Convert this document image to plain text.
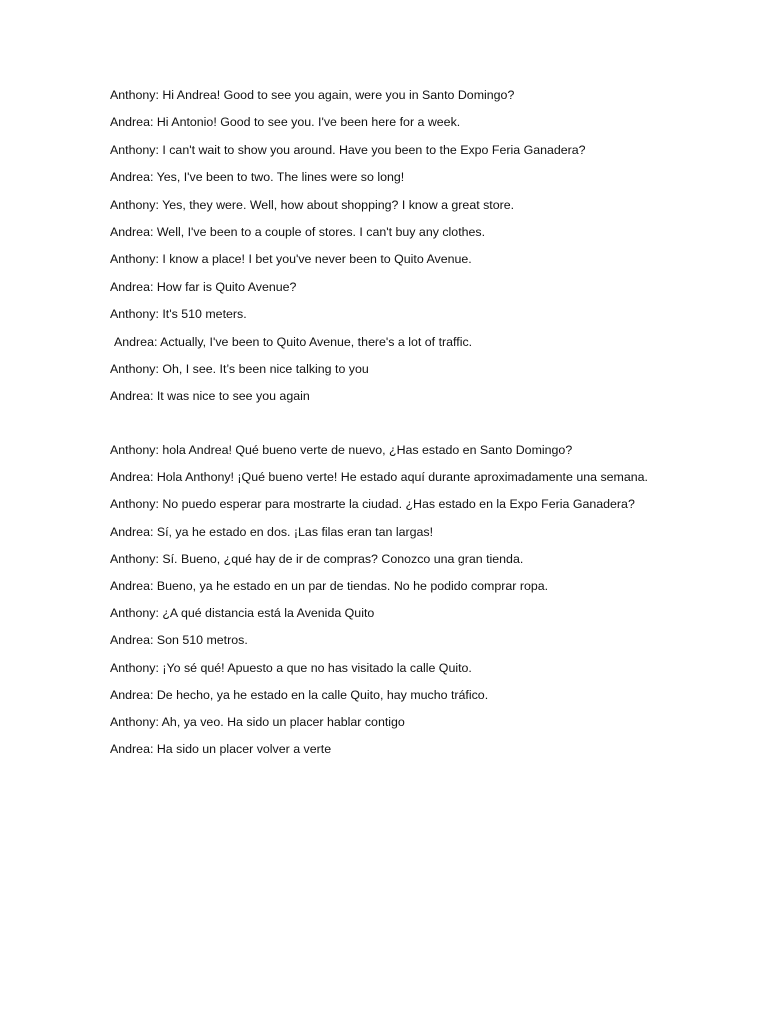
Anthony: Hi Andrea! Good to see you again, were you in Santo Domingo?

Andrea: Hi Antonio! Good to see you. I've been here for a week.

Anthony: I can't wait to show you around. Have you been to the Expo Feria Ganadera?

Andrea: Yes, I've been to two. The lines were so long!

Anthony: Yes, they were. Well, how about shopping? I know a great store.

Andrea: Well, I've been to a couple of stores. I can't buy any clothes.

Anthony: I know a place! I bet you've never been to Quito Avenue.

Andrea: How far is Quito Avenue?

Anthony: It's 510 meters.

Andrea: Actually, I've been to Quito Avenue, there's a lot of traffic.

Anthony: Oh, I see. It’s been nice talking to you

Andrea: It was nice to see you again

Anthony: hola Andrea! Qué bueno verte de nuevo, ¿Has estado en Santo Domingo?

Andrea: Hola Anthony! ¡Qué bueno verte! He estado aquí durante aproximadamente una semana.

Anthony: No puedo esperar para mostrarte la ciudad. ¿Has estado en la Expo Feria Ganadera?

Andrea: Sí, ya he estado en dos. ¡Las filas eran tan largas!

Anthony: Sí. Bueno, ¿qué hay de ir de compras? Conozco una gran tienda.

Andrea: Bueno, ya he estado en un par de tiendas. No he podido comprar ropa.

Anthony: ¿A qué distancia está la Avenida Quito

Andrea: Son 510 metros.

Anthony: ¡Yo sé qué! Apuesto a que no has visitado la calle Quito.

Andrea: De hecho, ya he estado en la calle Quito, hay mucho tráfico.

Anthony: Ah, ya veo. Ha sido un placer hablar contigo

Andrea: Ha sido un placer volver a verte
